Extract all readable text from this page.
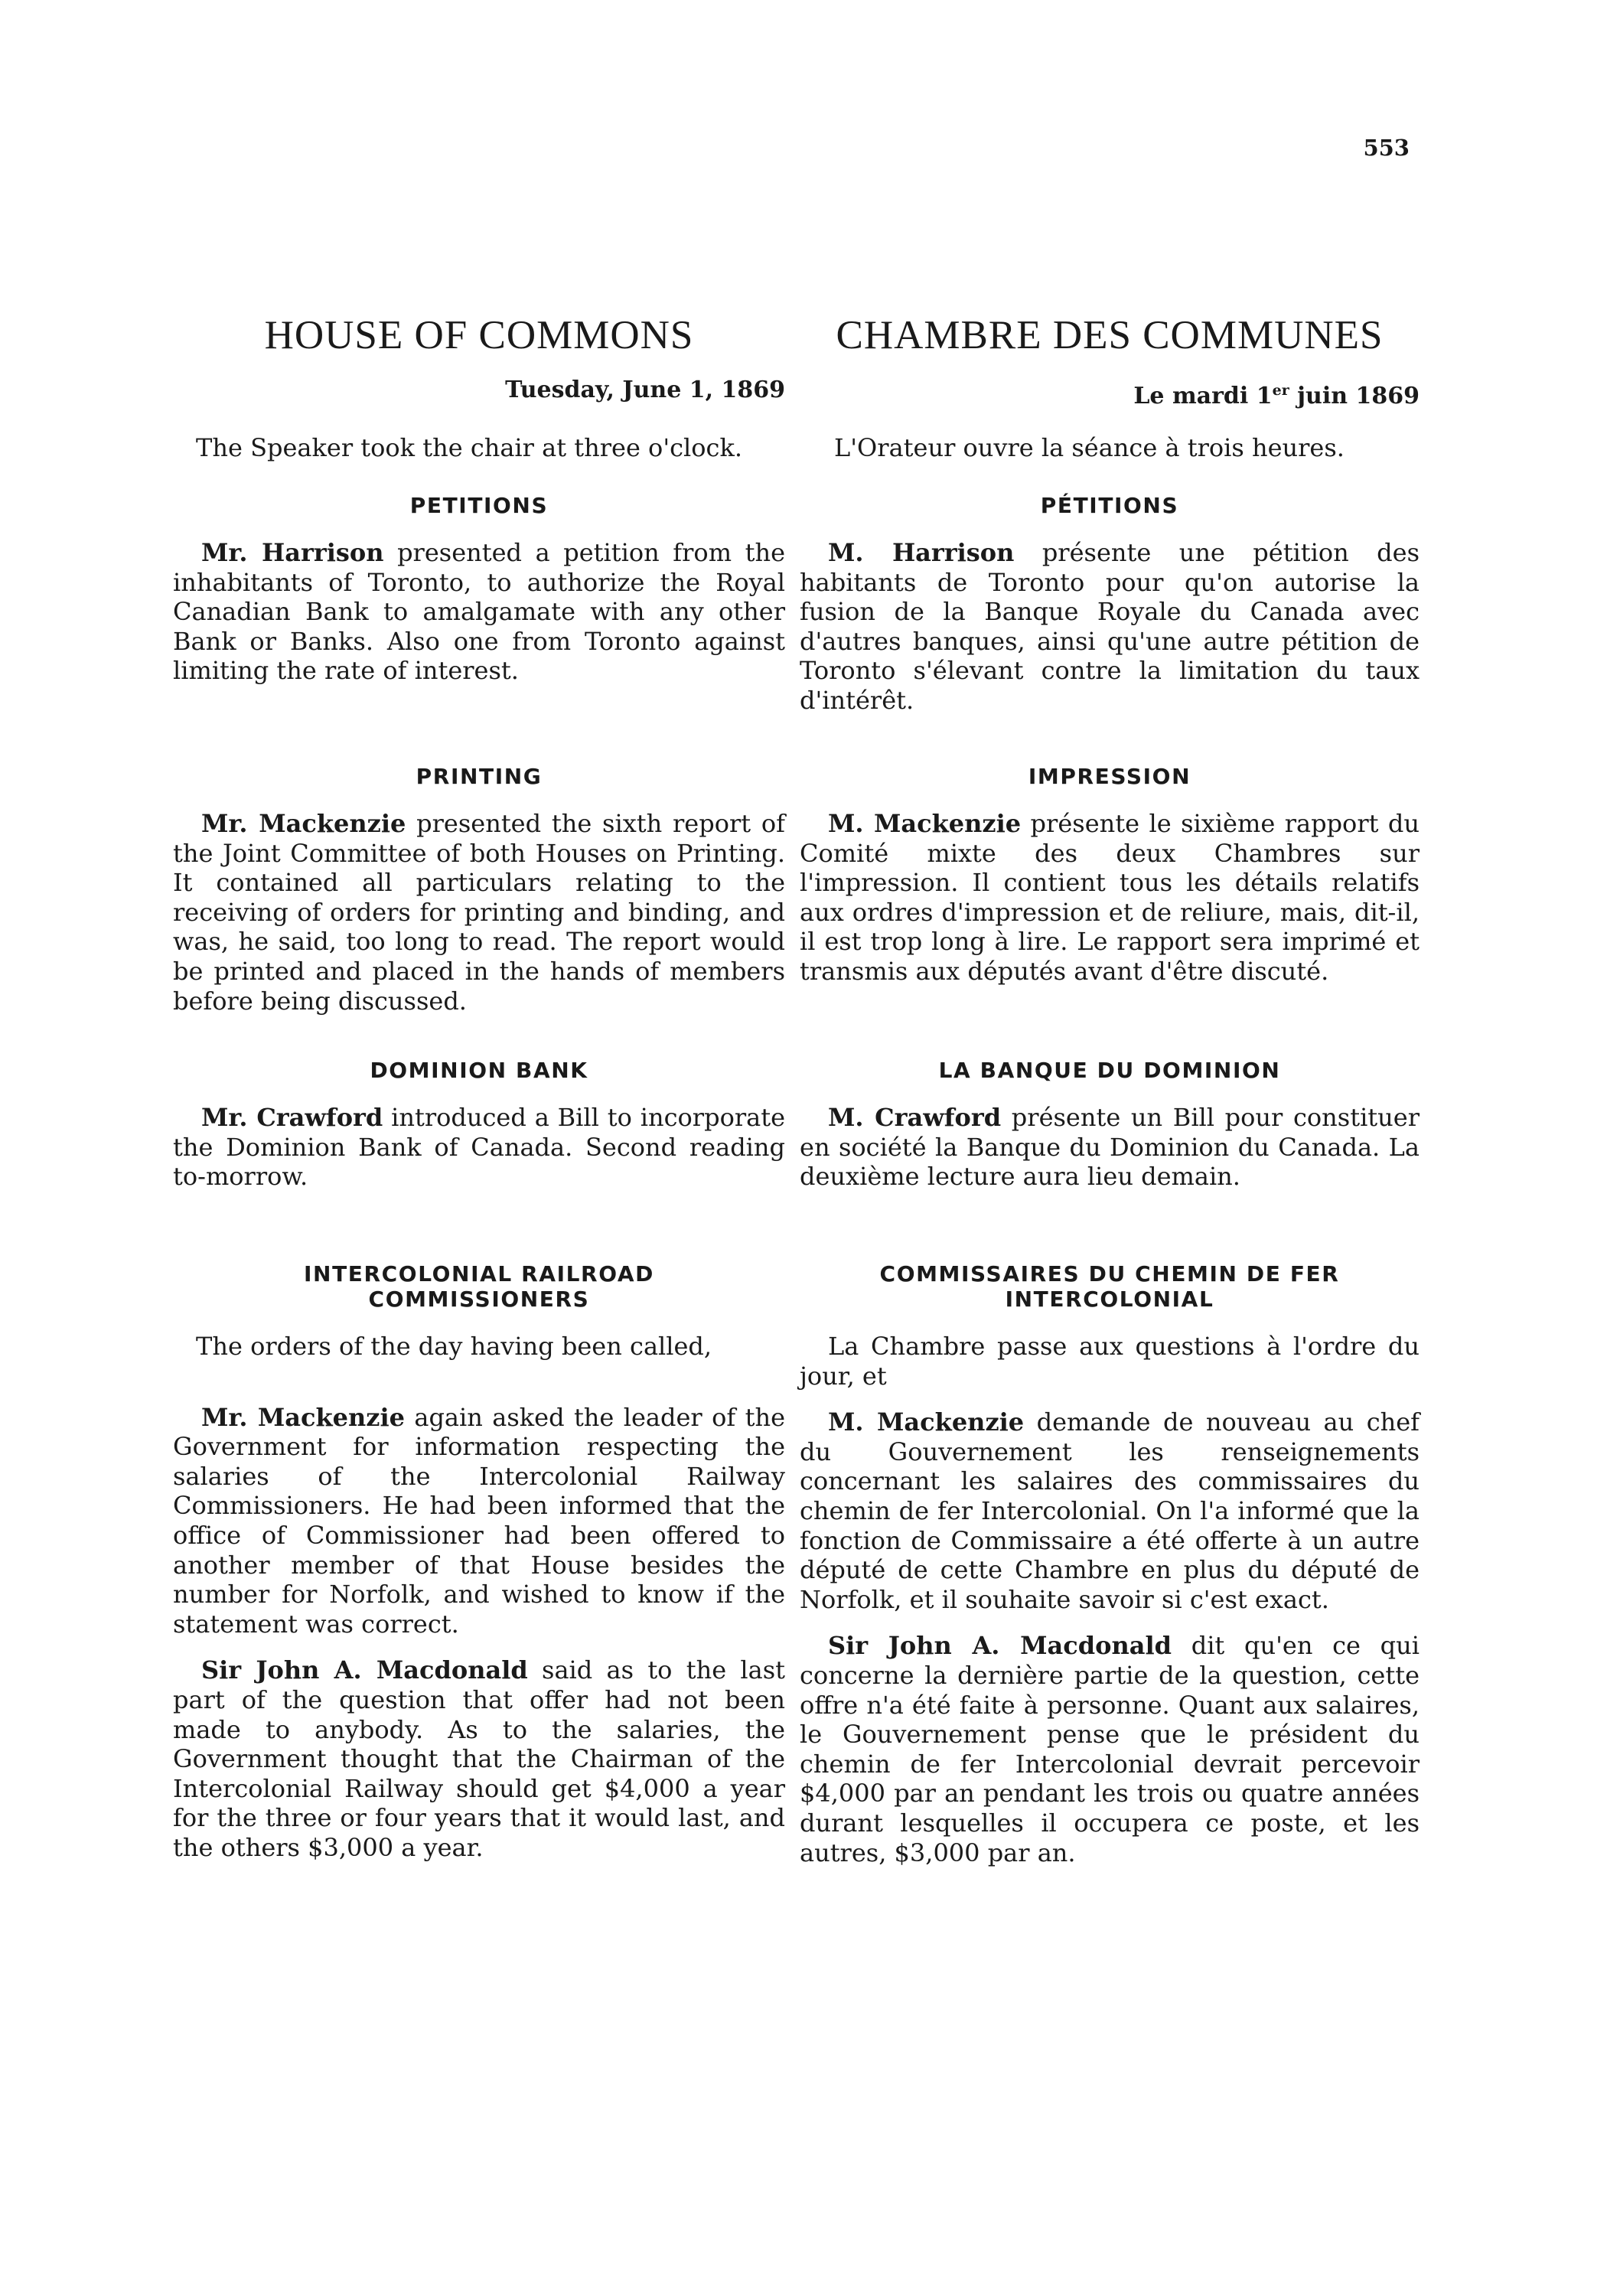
553
HOUSE OF COMMONS
Tuesday, June 1, 1869

The Speaker took the chair at three o'clock.

PETITIONS

Mr. Harrison presented a petition from the inhabitants of Toronto, to authorize the Royal Canadian Bank to amalgamate with any other Bank or Banks. Also one from Toronto against limiting the rate of interest.

PRINTING

Mr. Mackenzie presented the sixth report of the Joint Committee of both Houses on Printing. It contained all particulars relating to the receiving of orders for printing and binding, and was, he said, too long to read. The report would be printed and placed in the hands of members before being discussed.

DOMINION BANK

Mr. Crawford introduced a Bill to incorporate the Dominion Bank of Canada. Second reading to-morrow.

INTERCOLONIAL RAILROAD COMMISSIONERS

The orders of the day having been called,

Mr. Mackenzie again asked the leader of the Government for information respecting the salaries of the Intercolonial Railway Commissioners. He had been informed that the office of Commissioner had been offered to another member of that House besides the number for Norfolk, and wished to know if the statement was correct.

Sir John A. Macdonald said as to the last part of the question that offer had not been made to anybody. As to the salaries, the Government thought that the Chairman of the Intercolonial Railway should get $4,000 a year for the three or four years that it would last, and the others $3,000 a year.

CHAMBRE DES COMMUNES
Le mardi 1er juin 1869

L'Orateur ouvre la séance à trois heures.

PÉTITIONS

M. Harrison présente une pétition des habitants de Toronto pour qu'on autorise la fusion de la Banque Royale du Canada avec d'autres banques, ainsi qu'une autre pétition de Toronto s'élevant contre la limitation du taux d'intérêt.

IMPRESSION

M. Mackenzie présente le sixième rapport du Comité mixte des deux Chambres sur l'impression. Il contient tous les détails relatifs aux ordres d'impression et de reliure, mais, dit-il, il est trop long à lire. Le rapport sera imprimé et transmis aux députés avant d'être discuté.

LA BANQUE DU DOMINION

M. Crawford présente un Bill pour constituer en société la Banque du Dominion du Canada. La deuxième lecture aura lieu demain.

COMMISSAIRES DU CHEMIN DE FER INTERCOLONIAL

La Chambre passe aux questions à l'ordre du jour, et

M. Mackenzie demande de nouveau au chef du Gouvernement les renseignements concernant les salaires des commissaires du chemin de fer Intercolonial. On l'a informé que la fonction de Commissaire a été offerte à un autre député de cette Chambre en plus du député de Norfolk, et il souhaite savoir si c'est exact.

Sir John A. Macdonald dit qu'en ce qui concerne la dernière partie de la question, cette offre n'a été faite à personne. Quant aux salaires, le Gouvernement pense que le président du chemin de fer Intercolonial devrait percevoir $4,000 par an pendant les trois ou quatre années durant lesquelles il occupera ce poste, et les autres, $3,000 par an.
